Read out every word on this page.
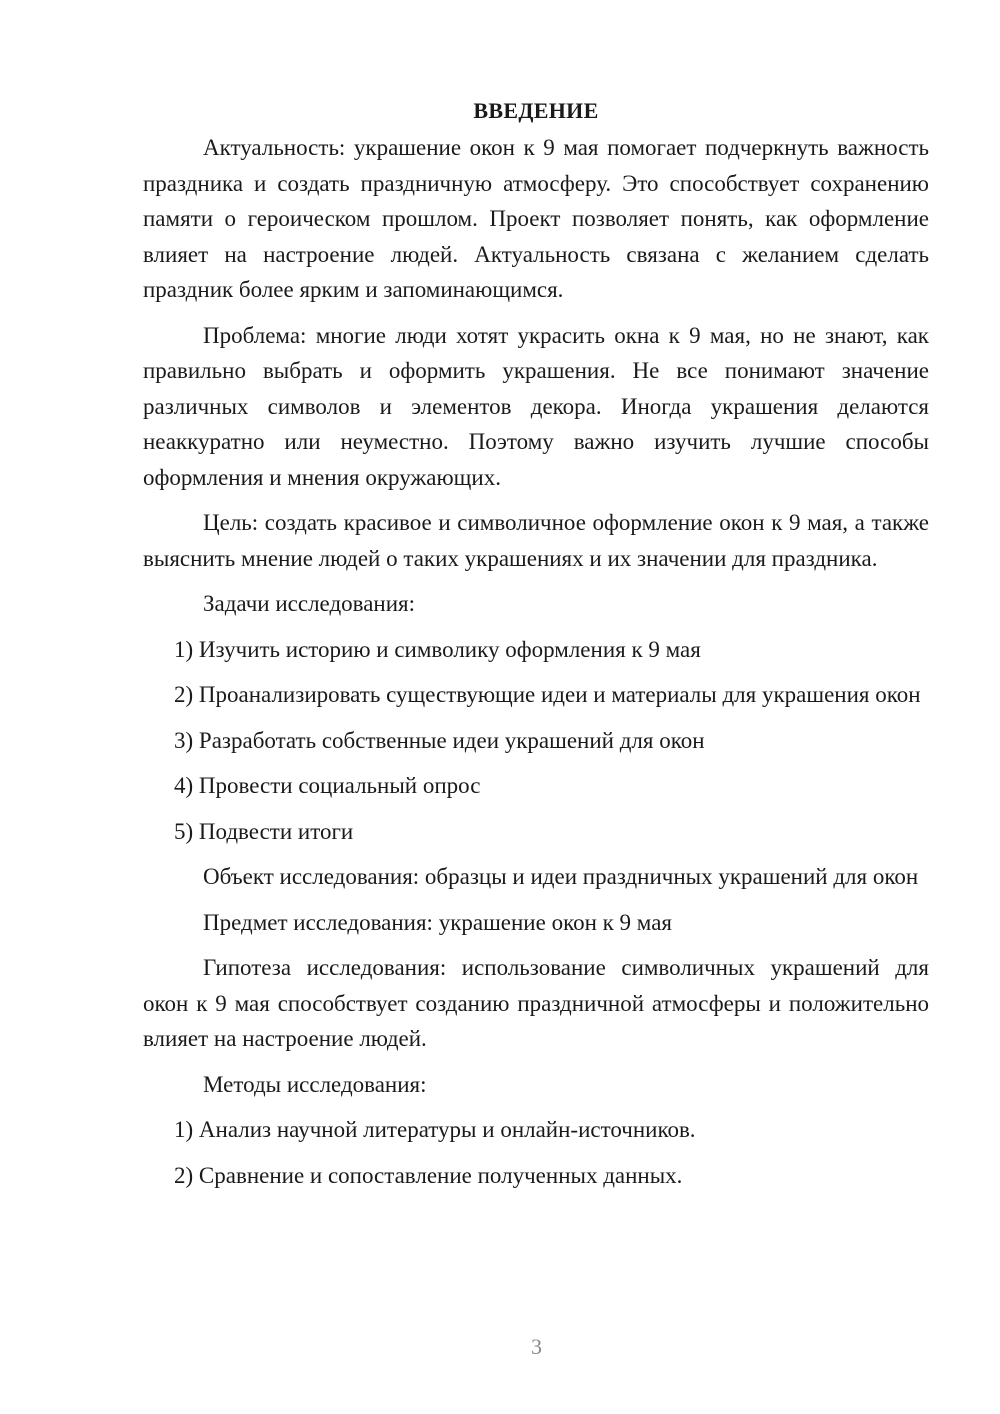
ВВЕДЕНИЕ

Актуальность: украшение окон к 9 мая помогает подчеркнуть важность праздника и создать праздничную атмосферу. Это способствует сохранению памяти о героическом прошлом. Проект позволяет понять, как оформление влияет на настроение людей. Актуальность связана с желанием сделать праздник более ярким и запоминающимся.

Проблема: многие люди хотят украсить окна к 9 мая, но не знают, как правильно выбрать и оформить украшения. Не все понимают значение различных символов и элементов декора. Иногда украшения делаются неаккуратно или неуместно. Поэтому важно изучить лучшие способы оформления и мнения окружающих.

Цель: создать красивое и символичное оформление окон к 9 мая, а также выяснить мнение людей о таких украшениях и их значении для праздника.

Задачи исследования:

1) Изучить историю и символику оформления к 9 мая

2) Проанализировать существующие идеи и материалы для украшения окон

3) Разработать собственные идеи украшений для окон

4) Провести социальный опрос

5) Подвести итоги

Объект исследования: образцы и идеи праздничных украшений для окон

Предмет исследования: украшение окон к 9 мая

Гипотеза исследования: использование символичных украшений для окон к 9 мая способствует созданию праздничной атмосферы и положительно влияет на настроение людей.

Методы исследования:

1) Анализ научной литературы и онлайн-источников.

2) Сравнение и сопоставление полученных данных.

3
